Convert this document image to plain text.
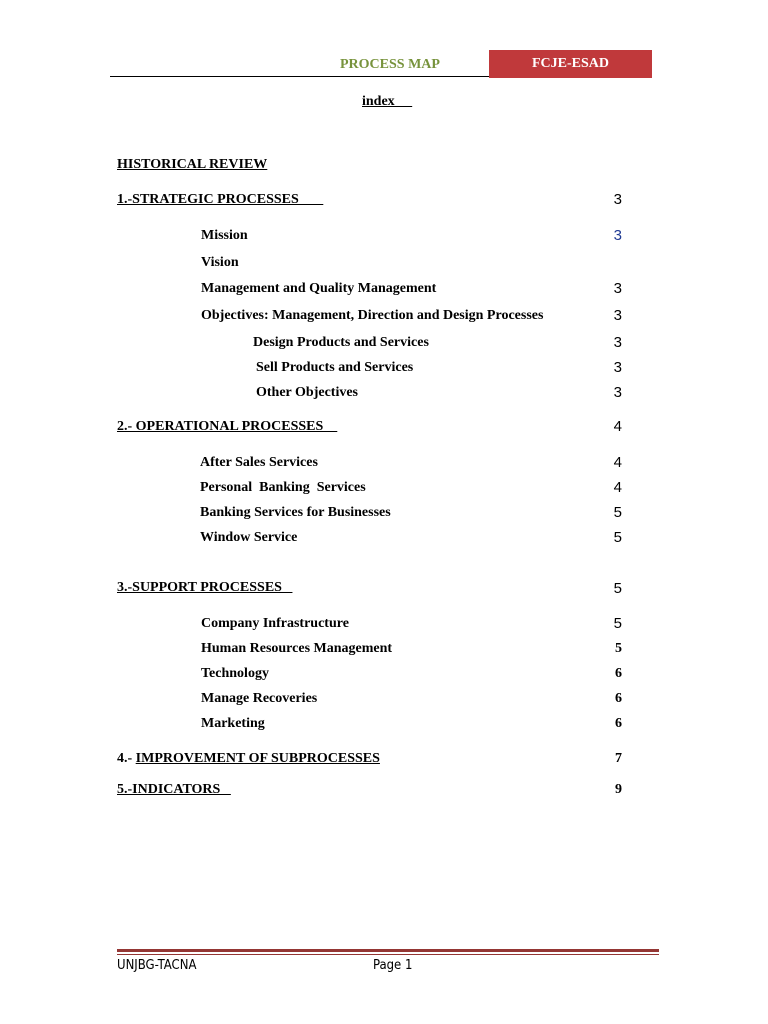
PROCESS MAP	FCJE-ESAD
index
HISTORICAL REVIEW
1.-STRATEGIC PROCESSES	3
Mission	3
Vision
Management and Quality Management	3
Objectives: Management, Direction and Design Processes	3
Design Products and Services	3
Sell Products and Services	3
Other Objectives	3
2.- OPERATIONAL PROCESSES	4
After Sales Services	4
Personal  Banking  Services	4
Banking Services for Businesses	5
Window Service	5
3.-SUPPORT PROCESSES	5
Company Infrastructure	5
Human Resources Management	5
Technology	6
Manage Recoveries	6
Marketing	6
4.- IMPROVEMENT OF SUBPROCESSES	7
5.-INDICATORS	9
UNJBG-TACNA	Page 1
